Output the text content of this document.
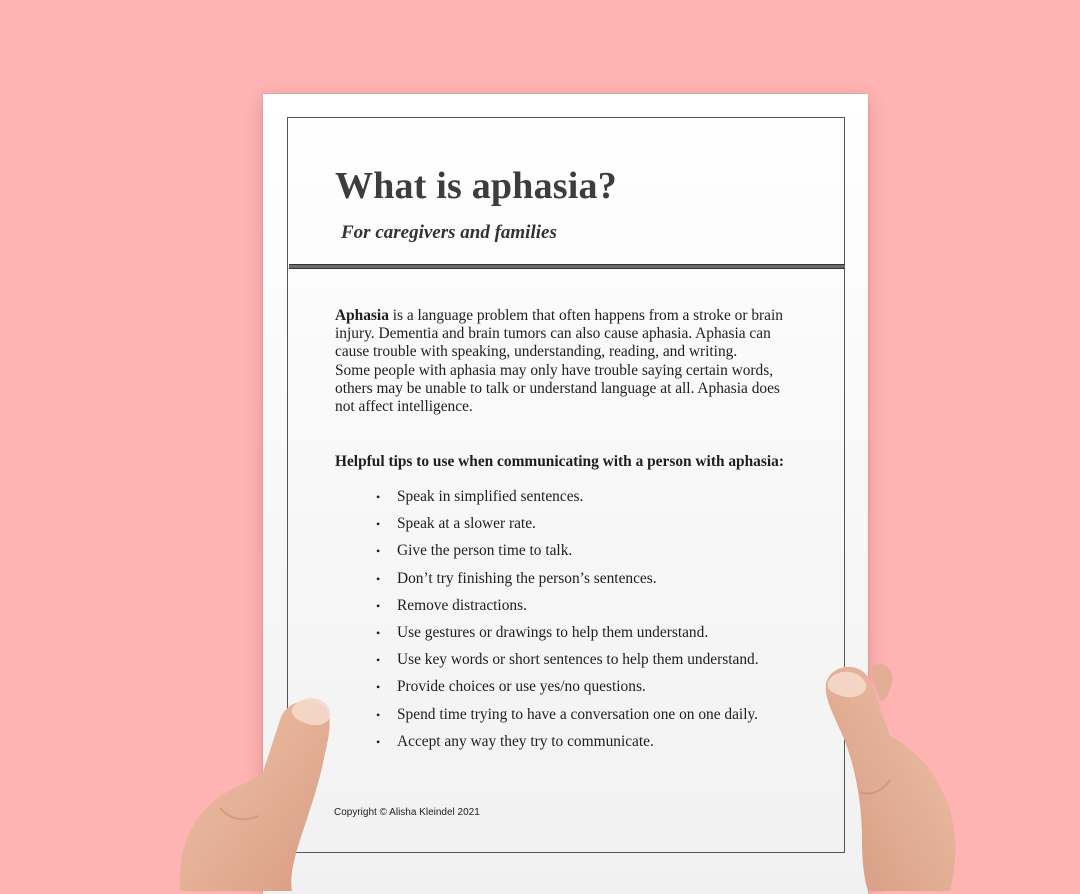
What is aphasia?

For caregivers and families

Aphasia is a language problem that often happens from a stroke or brain

injury. Dementia and brain tumors can also cause aphasia. Aphasia can

cause trouble with speaking, understanding, reading, and writing.

Some people with aphasia may only have trouble saying certain words,

others may be unable to talk or understand language at all. Aphasia does

not affect intelligence.

Helpful tips to use when communicating with a person with aphasia:

• Speak in simplified sentences.
• Speak at a slower rate.
• Give the person time to talk.
• Don’t try finishing the person’s sentences.
• Remove distractions.
• Use gestures or drawings to help them understand.
• Use key words or short sentences to help them understand.
• Provide choices or use yes/no questions.
• Spend time trying to have a conversation one on one daily.
• Accept any way they try to communicate.

Copyright © Alisha Kleindel 2021
